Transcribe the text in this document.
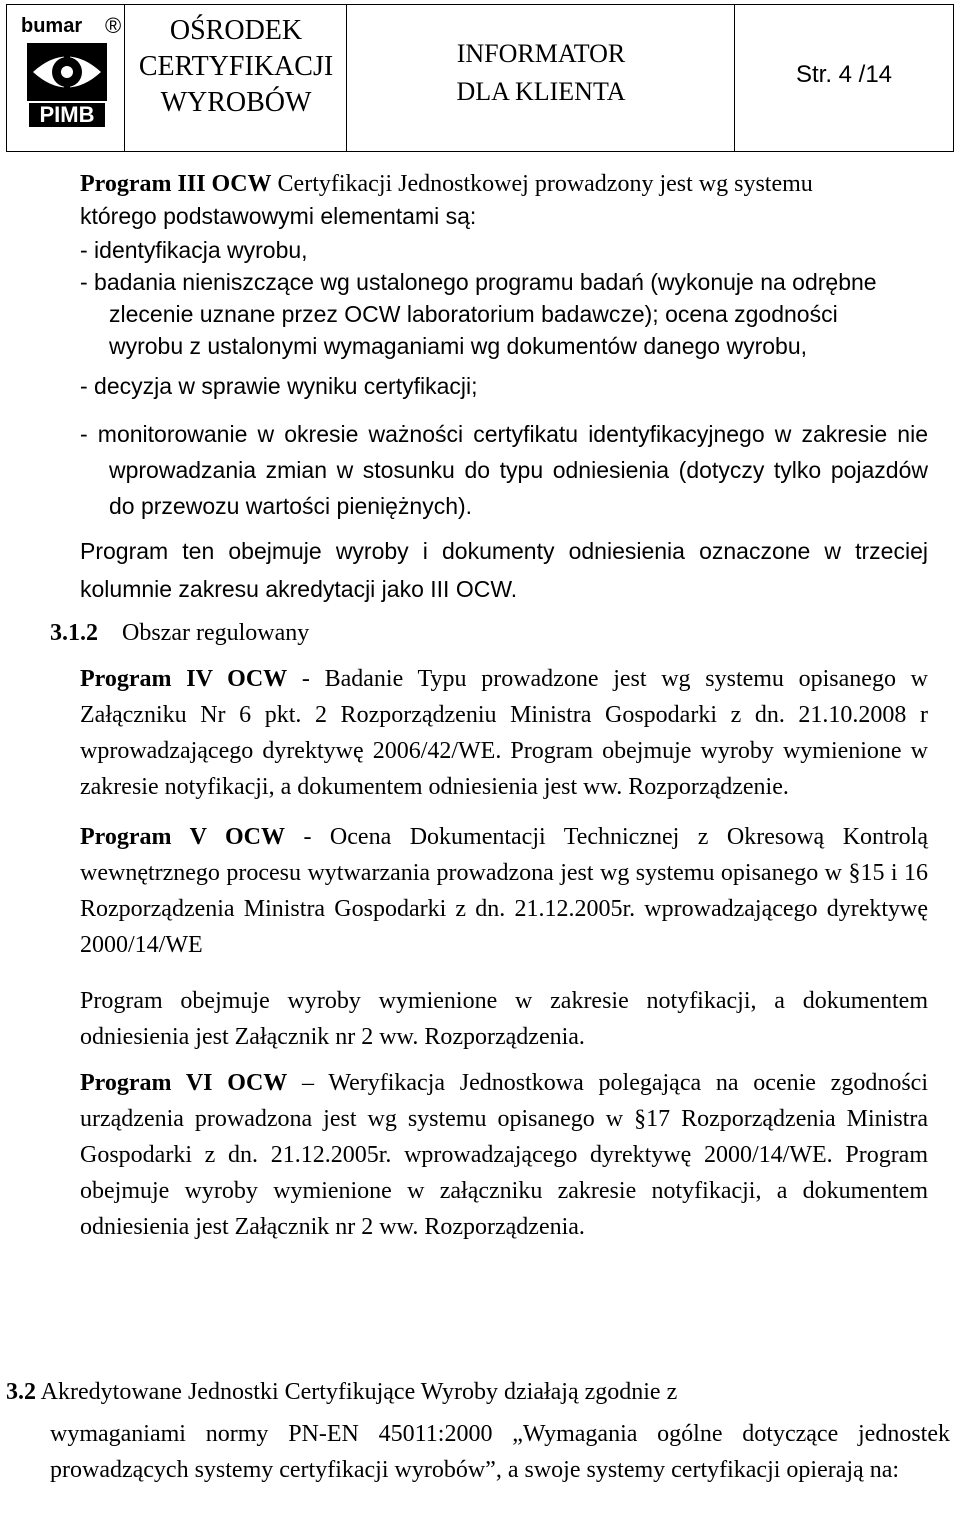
bumar ®
PIMB
OŚRODEK
CERTYFIKACJI
WYROBÓW
INFORMATOR
DLA KLIENTA
Str. 4 /14

Program III OCW Certyfikacji Jednostkowej prowadzony jest wg systemu

którego podstawowymi elementami są:

- identyfikacja wyrobu,

- badania nieniszczące wg ustalonego programu badań (wykonuje na odrębne zlecenie uznane przez OCW laboratorium badawcze); ocena zgodności wyrobu z ustalonymi wymaganiami wg dokumentów danego wyrobu,

- decyzja w sprawie wyniku certyfikacji;

- monitorowanie w okresie ważności certyfikatu identyfikacyjnego w zakresie nie wprowadzania zmian w stosunku do typu odniesienia (dotyczy tylko pojazdów do przewozu wartości pieniężnych).

Program ten obejmuje wyroby i dokumenty odniesienia oznaczone w trzeciej kolumnie zakresu akredytacji jako III OCW.

3.1.2 Obszar regulowany

Program IV OCW - Badanie Typu prowadzone jest wg systemu opisanego w Załączniku Nr 6 pkt. 2 Rozporządzeniu Ministra Gospodarki z dn. 21.10.2008 r wprowadzającego dyrektywę 2006/42/WE. Program obejmuje wyroby wymienione w zakresie notyfikacji, a dokumentem odniesienia jest ww. Rozporządzenie.

Program V OCW - Ocena Dokumentacji Technicznej z Okresową Kontrolą wewnętrznego procesu wytwarzania prowadzona jest wg systemu opisanego w §15 i 16 Rozporządzenia Ministra Gospodarki z dn. 21.12.2005r. wprowadzającego dyrektywę 2000/14/WE

Program obejmuje wyroby wymienione w zakresie notyfikacji, a dokumentem odniesienia jest Załącznik nr 2 ww. Rozporządzenia.

Program VI OCW – Weryfikacja Jednostkowa polegająca na ocenie zgodności urządzenia prowadzona jest wg systemu opisanego w §17 Rozporządzenia Ministra Gospodarki z dn. 21.12.2005r. wprowadzającego dyrektywę 2000/14/WE. Program obejmuje wyroby wymienione w załączniku zakresie notyfikacji, a dokumentem odniesienia jest Załącznik nr 2 ww. Rozporządzenia.

3.2 Akredytowane Jednostki Certyfikujące Wyroby działają zgodnie z

wymaganiami normy PN-EN 45011:2000 „Wymagania ogólne dotyczące jednostek prowadzących systemy certyfikacji wyrobów”, a swoje systemy certyfikacji opierają na:
